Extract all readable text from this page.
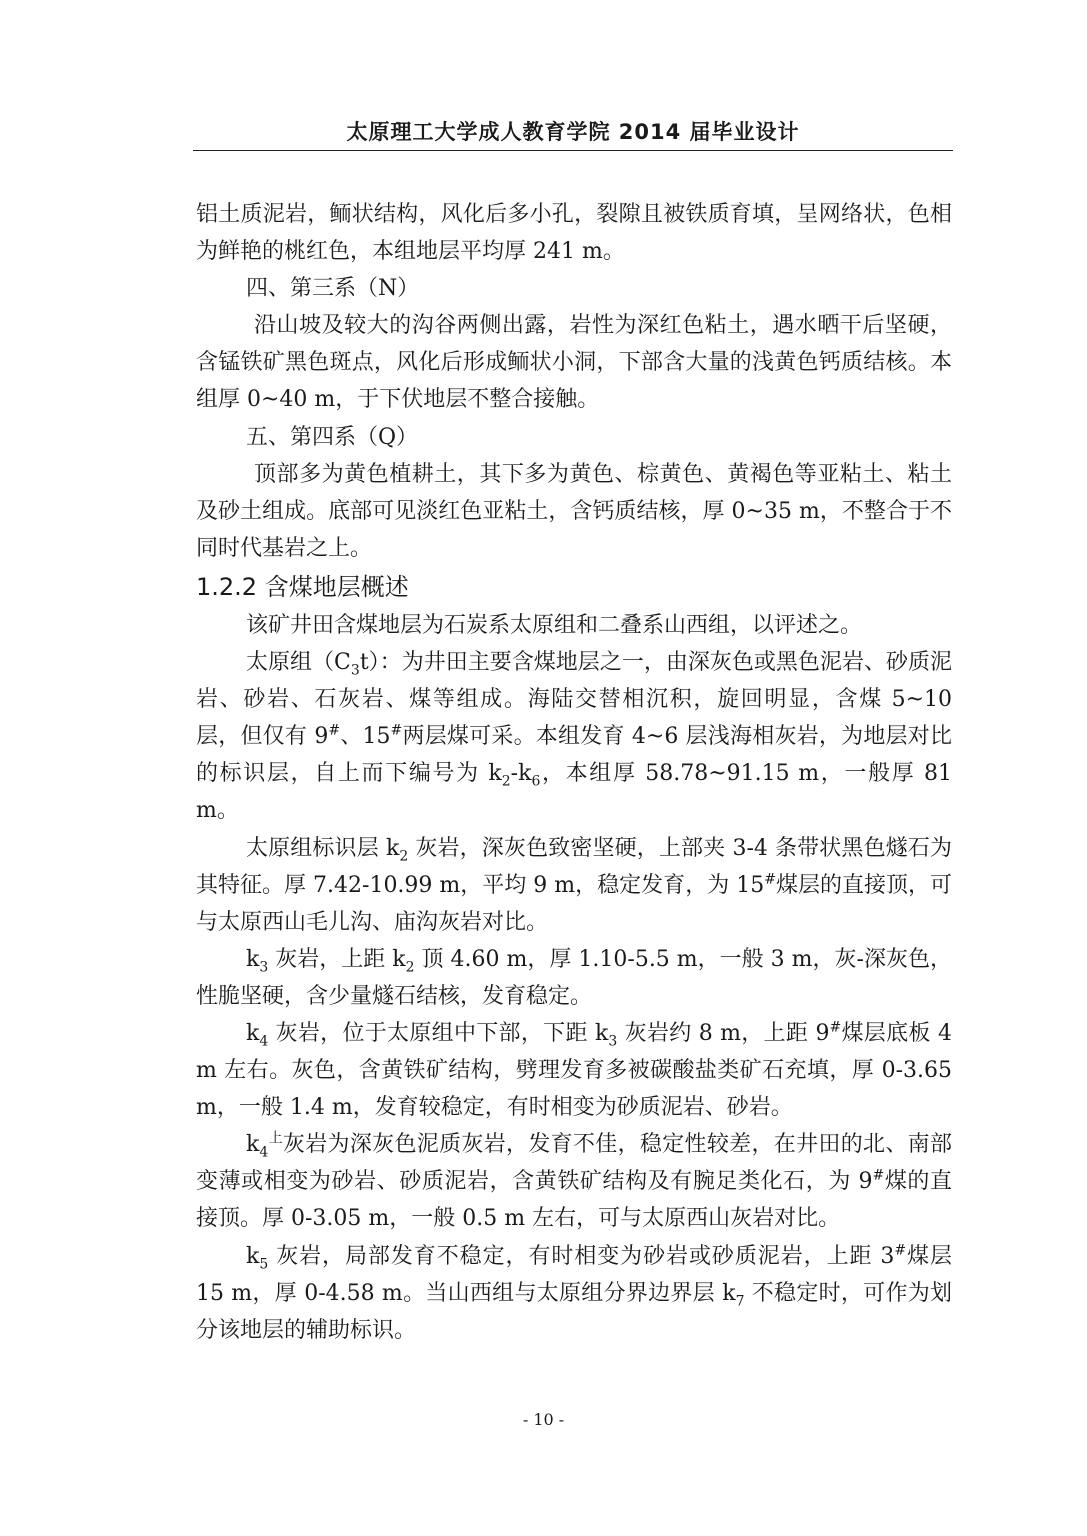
太原理工大学成人教育学院 2014 届毕业设计

铝土质泥岩，鲕状结构，风化后多小孔，裂隙且被铁质育填，呈网络状，色相为鲜艳的桃红色，本组地层平均厚 241 m。

四、第三系（N）

沿山坡及较大的沟谷两侧出露，岩性为深红色粘土，遇水晒干后坚硬，含锰铁矿黑色斑点，风化后形成鲕状小洞，下部含大量的浅黄色钙质结核。本组厚 0~40 m，于下伏地层不整合接触。

五、第四系（Q）

顶部多为黄色植耕土，其下多为黄色、棕黄色、黄褐色等亚粘土、粘土及砂土组成。底部可见淡红色亚粘土，含钙质结核，厚 0~35 m，不整合于不同时代基岩之上。

1.2.2 含煤地层概述

该矿井田含煤地层为石炭系太原组和二叠系山西组，以评述之。

太原组$(C_3t)$：为井田主要含煤地层之一，由深灰色或黑色泥岩、砂质泥岩、砂岩、石灰岩、煤等组成。海陆交替相沉积，旋回明显，含煤 5~10 层，但仅有 9#、15#两层煤可采。本组发育 4~6 层浅海相灰岩，为地层对比的标识层，自上而下编号为 $k_2-k_6$，本组厚 58.78~91.15 m，一般厚 81 m。

太原组标识层 $k_2$ 灰岩，深灰色致密坚硬，上部夹 3-4 条带状黑色燧石为其特征。厚 7.42-10.99 m，平均 9 m，稳定发育，为 15#煤层的直接顶，可与太原西山毛儿沟、庙沟灰岩对比。

$k_3$ 灰岩，上距 $k_2$ 顶 4.60 m，厚 1.10-5.5 m，一般 3 m，灰-深灰色，性脆坚硬，含少量燧石结核，发育稳定。

$k_4$ 灰岩，位于太原组中下部，下距 $k_3$ 灰岩约 8 m，上距 9#煤层底板 4 m 左右。灰色，含黄铁矿结构，劈理发育多被碳酸盐类矿石充填，厚 0-3.65 m，一般 1.4 m，发育较稳定，有时相变为砂质泥岩、砂岩。

$k_4^上$灰岩为深灰色泥质灰岩，发育不佳，稳定性较差，在井田的北、南部变薄或相变为砂岩、砂质泥岩，含黄铁矿结构及有腕足类化石，为 9#煤的直接顶。厚 0-3.05 m，一般 0.5 m 左右，可与太原西山灰岩对比。

$k_5$ 灰岩，局部发育不稳定，有时相变为砂岩或砂质泥岩，上距 3#煤层 15 m，厚 0-4.58 m。当山西组与太原组分界边界层 $k_7$ 不稳定时，可作为划分该地层的辅助标识。

- 10 -
